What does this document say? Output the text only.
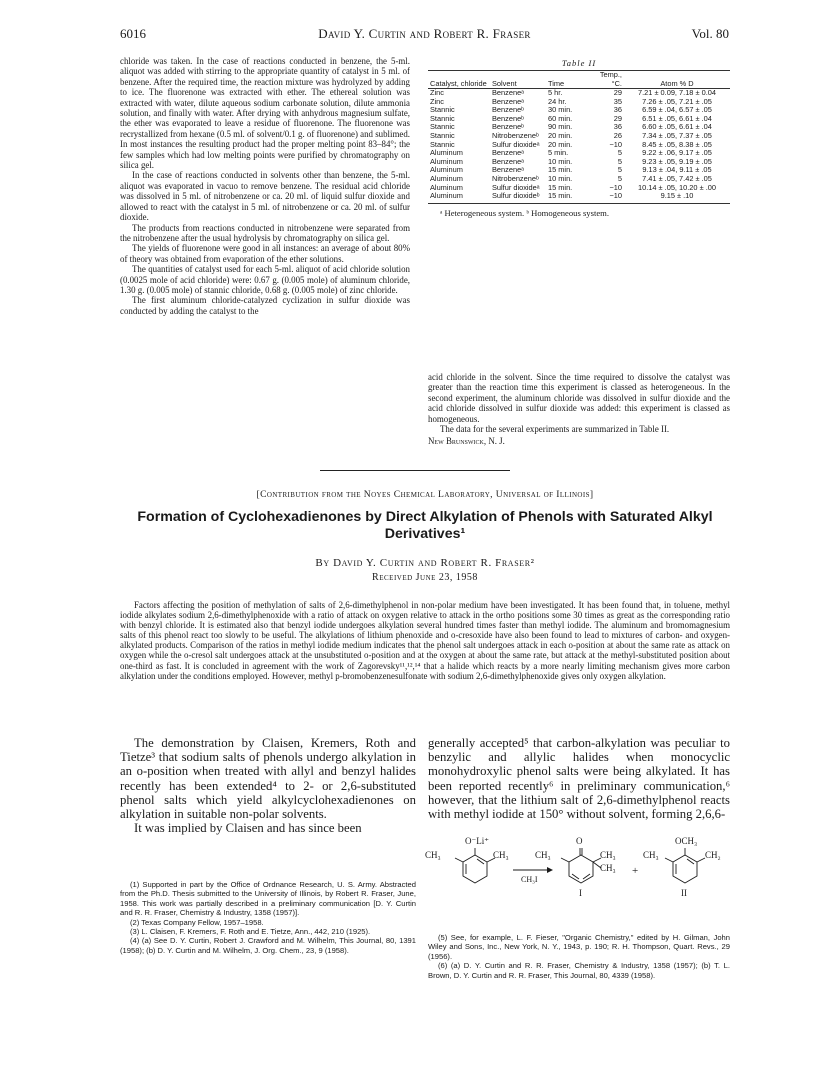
6016	David Y. Curtin and Robert R. Fraser	Vol. 80

chloride was taken. In the case of reactions conducted in benzene, the 5-ml. aliquot was added with stirring to the appropriate quantity of catalyst in 5 ml. of benzene. After the required time, the reaction mixture was hydrolyzed by adding to ice. The fluorenone was extracted with ether. The ethereal solution was extracted with water, dilute aqueous sodium carbonate solution, dilute ammonia solution, and finally with water. After drying with anhydrous magnesium sulfate, the ether was evaporated to leave a residue of fluorenone. The fluorenone was recrystallized from hexane (0.5 ml. of solvent/0.1 g. of fluorenone) and sublimed. In most instances the resulting product had the proper melting point 83–84°; the few samples which had low melting points were purified by chromatography on silica gel.

In the case of reactions conducted in solvents other than benzene, the 5-ml. aliquot was evaporated in vacuo to remove benzene. The residual acid chloride was dissolved in 5 ml. of nitrobenzene or ca. 20 ml. of liquid sulfur dioxide and allowed to react with the catalyst in 5 ml. of nitrobenzene or ca. 20 ml. of sulfur dioxide.

The products from reactions conducted in nitrobenzene were separated from the nitrobenzene after the usual hydrolysis by chromatography on silica gel.

The yields of fluorenone were good in all instances: an average of about 80% of theory was obtained from evaporation of the ether solutions.

The quantities of catalyst used for each 5-ml. aliquot of acid chloride solution (0.0025 mole of acid chloride) were: 0.67 g. (0.005 mole) of aluminum chloride, 1.30 g. (0.005 mole) of stannic chloride, 0.68 g. (0.005 mole) of zinc chloride.

The first aluminum chloride-catalyzed cyclization in sulfur dioxide was conducted by adding the catalyst to the

Table II
Catalyst, chloride	Solvent	Time	Temp., °C.	Atom % D
Zinc	Benzeneᵃ	5 hr.	29	7.21 ± 0.09, 7.18 ± 0.04
Zinc	Benzeneᵃ	24 hr.	35	7.26 ± .05, 7.21 ± .05
Stannic	Benzeneᵇ	30 min.	36	6.59 ± .04, 6.57 ± .05
Stannic	Benzeneᵇ	60 min.	29	6.51 ± .05, 6.61 ± .04
Stannic	Benzeneᵇ	90 min.	36	6.60 ± .05, 6.61 ± .04
Stannic	Nitrobenzeneᵇ	20 min.	26	7.34 ± .05, 7.37 ± .05
Stannic	Sulfur dioxideᵃ	20 min.	−10	8.45 ± .05, 8.38 ± .05
Aluminum	Benzeneᵃ	5 min.	5	9.22 ± .06, 9.17 ± .05
Aluminum	Benzeneᵃ	10 min.	5	9.23 ± .05, 9.19 ± .05
Aluminum	Benzeneᵃ	15 min.	5	9.13 ± .04, 9.11 ± .05
Aluminum	Nitrobenzeneᵇ	10 min.	5	7.41 ± .05, 7.42 ± .05
Aluminum	Sulfur dioxideᵃ	15 min.	−10	10.14 ± .05, 10.20 ± .00
Aluminum	Sulfur dioxideᵇ	15 min.	−10	9.15 ± .10
ᵃ Heterogeneous system. ᵇ Homogeneous system.

acid chloride in the solvent. Since the time required to dissolve the catalyst was greater than the reaction time this experiment is classed as heterogeneous. In the second experiment, the aluminum chloride was dissolved in sulfur dioxide and the acid chloride dissolved in sulfur dioxide was added: this experiment is classed as homogeneous.

The data for the several experiments are summarized in Table II.

New Brunswick, N. J.

[Contribution from the Noyes Chemical Laboratory, Universal of Illinois]
Formation of Cyclohexadienones by Direct Alkylation of Phenols with Saturated Alkyl Derivatives¹
By David Y. Curtin and Robert R. Fraser²
Received June 23, 1958

Factors affecting the position of methylation of salts of 2,6-dimethylphenol in non-polar medium have been investigated. It has been found that, in toluene, methyl iodide alkylates sodium 2,6-dimethylphenoxide with a ratio of attack on oxygen relative to attack in the ortho positions some 30 times as great as the corresponding ratio with benzyl chloride. It is estimated also that benzyl iodide undergoes alkylation several hundred times faster than methyl iodide. The aluminum and bromomagnesium salts of this phenol react too slowly to be useful. The alkylations of lithium phenoxide and o-cresoxide have also been found to lead to mixtures of carbon- and oxygen-alkylated products. Comparison of the ratios in methyl iodide medium indicates that the phenol salt undergoes attack in each o-position at about the same rate as attack on oxygen while the o-cresol salt undergoes attack at the unsubstituted o-position and at the oxygen at about the same rate, but attack at the methyl-substituted position about one-third as fast. It is concluded in agreement with the work of Zagorevsky¹¹,¹²,¹⁴ that a halide which reacts by a more nearly limiting mechanism gives more carbon alkylation under the conditions employed. However, methyl p-bromobenzenesulfonate with sodium 2,6-dimethylphenoxide gives only oxygen alkylation.

The demonstration by Claisen, Kremers, Roth and Tietze³ that sodium salts of phenols undergo alkylation in an o-position when treated with allyl and benzyl halides recently has been extended⁴ to 2- or 2,6-substituted phenol salts which yield alkylcyclohexadienones on alkylation in suitable non-polar solvents.

It was implied by Claisen and has since been

generally accepted⁵ that carbon-alkylation was peculiar to benzylic and allylic halides when monocyclic monohydroxylic phenol salts were being alkylated. It has been reported recently⁶ in preliminary communication,⁶ however, that the lithium salt of 2,6-dimethylphenol reacts with methyl iodide at 150° without solvent, forming 2,6,6-

O⁻Li⁺
CH₃	CH₃
CH₃I
O
CH₃	CH₃
CH₃
I
+
OCH₃
CH₃	CH₂
II

(1) Supported in part by the Office of Ordnance Research, U. S. Army. Abstracted from the Ph.D. Thesis submitted to the University of Illinois, by Robert R. Fraser, June, 1958. This work was partially described in a preliminary communication [D. Y. Curtin and R. R. Fraser, Chemistry & Industry, 1358 (1957)].

(2) Texas Company Fellow, 1957–1958.

(3) L. Claisen, F. Kremers, F. Roth and E. Tietze, Ann., 442, 210 (1925).

(4) (a) See D. Y. Curtin, Robert J. Crawford and M. Wilhelm, This Journal, 80, 1391 (1958); (b) D. Y. Curtin and M. Wilhelm, J. Org. Chem., 23, 9 (1958).

(5) See, for example, L. F. Fieser, "Organic Chemistry," edited by H. Gilman, John Wiley and Sons, Inc., New York, N. Y., 1943, p. 190; R. H. Thompson, Quart. Revs., 29 (1956).

(6) (a) D. Y. Curtin and R. R. Fraser, Chemistry & Industry, 1358 (1957); (b) T. L. Brown, D. Y. Curtin and R. R. Fraser, This Journal, 80, 4339 (1958).
